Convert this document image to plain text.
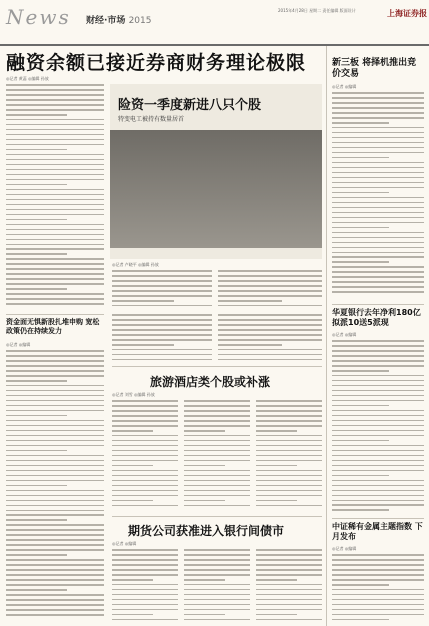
News 财经·市场 2015
2015年4月28日 星期二 责任编辑 版面设计	上海证券报
融资余额已接近券商财务理论极限
◎记者 黄蕊 ◎编辑 孙放
险资一季度新进八只个股
特变电工被持有数量居首
◎记者 卢晓平 ◎编辑 孙放
资金面无惧新股扎堆申购 宽松政策仍在持续发力
◎记者 ◎编辑
旅游酒店类个股或补涨
◎记者 刘雪 ◎编辑 孙放
期货公司获准进入银行间债市
◎记者 ◎编辑
新三板 将择机推出竞价交易
◎记者 ◎编辑
华夏银行去年净利180亿 拟派10送5派现
◎记者 ◎编辑
中证稀有金属主题指数 下月发布
◎记者 ◎编辑
